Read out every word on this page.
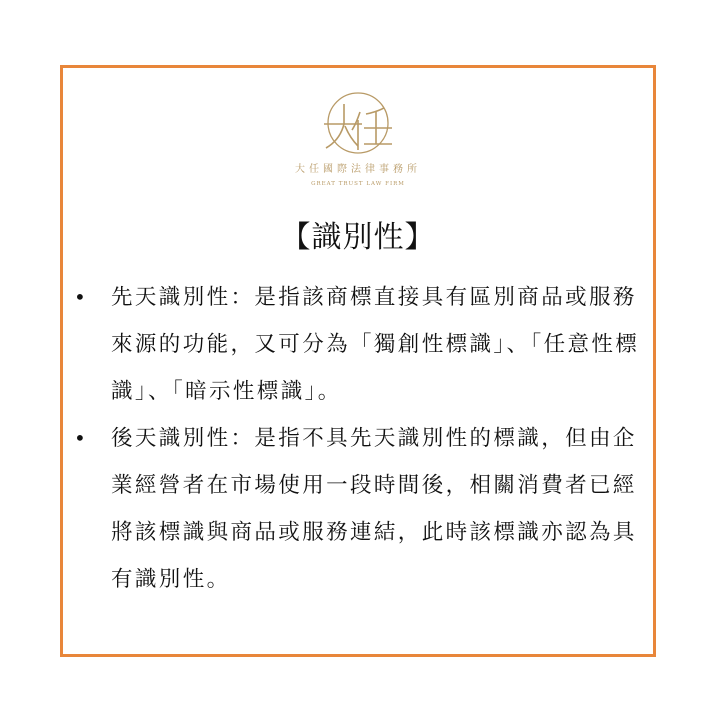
大任國際法律事務所
GREAT TRUST LAW FIRM
【識別性】
• 先天識別性：是指該商標直接具有區別商品或服務來源的功能，又可分為「獨創性標識」、「任意性標識」、「暗示性標識」。
• 後天識別性：是指不具先天識別性的標識，但由企業經營者在市場使用一段時間後，相關消費者已經將該標識與商品或服務連結，此時該標識亦認為具有識別性。
